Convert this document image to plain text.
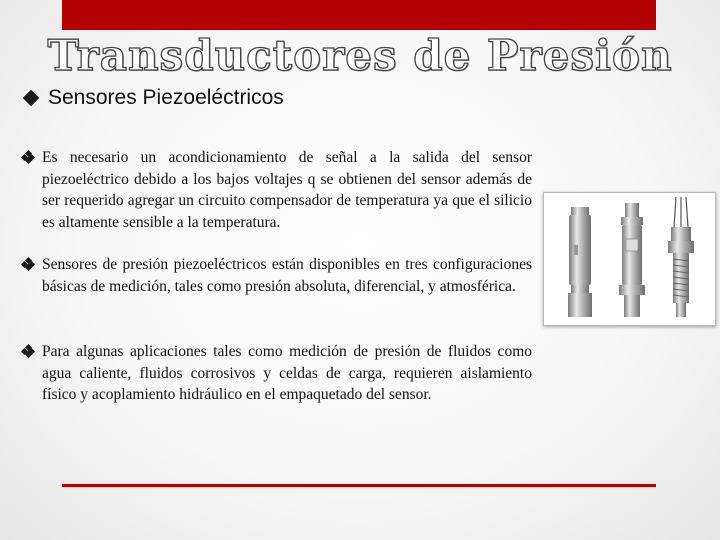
Transductores de Presión
Sensores Piezoeléctricos

Es necesario un acondicionamiento de señal a la salida del sensor piezoeléctrico debido a los bajos voltajes q se obtienen del sensor además de ser requerido agregar un circuito compensador de temperatura ya que el silicio es altamente sensible a la temperatura.

Sensores de presión piezoeléctricos están disponibles en tres configuraciones básicas de medición, tales como presión absoluta, diferencial, y atmosférica.

Para algunas aplicaciones tales como medición de presión de fluidos como agua caliente, fluidos corrosivos y celdas de carga, requieren aislamiento físico y acoplamiento hidráulico en el empaquetado del sensor.
